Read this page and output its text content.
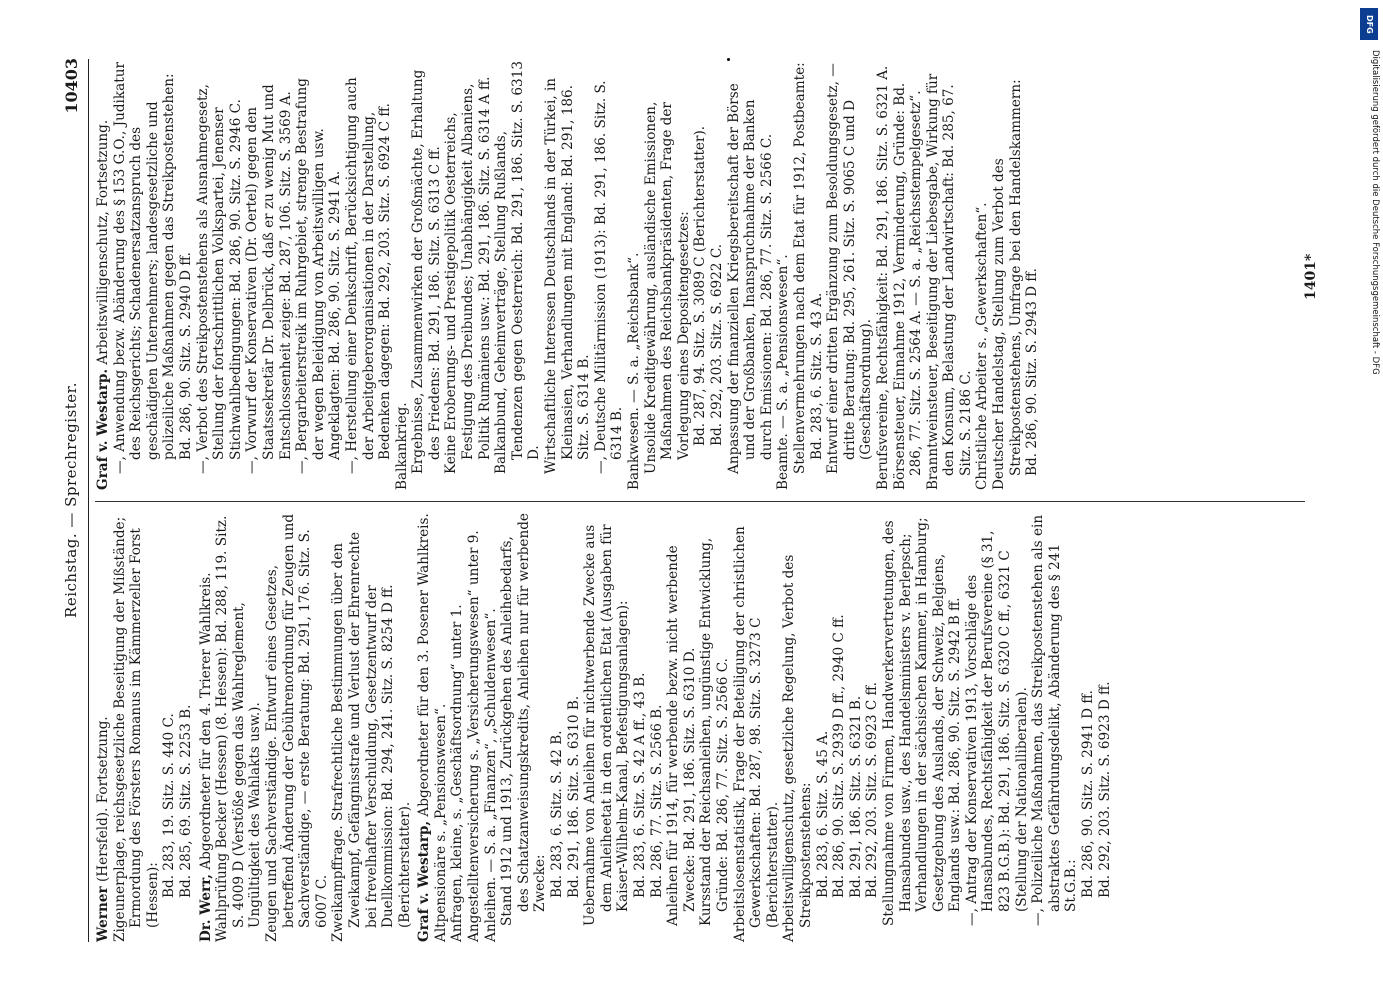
Reichstag. — Sprechregister.
10403

Werner (Hersfeld). Fortsetzung. Zigeunerplage, reichsgesetzliche Beseitigung der Mißstände; Ermordung des Försters Romanus im Kämmerzeller Forst (Hessen): Bd. 283, 19. Sitz. S. 440 C. Bd. 285, 69. Sitz. S. 2253 B.

Dr. Werr, Abgeordneter für den 4. Trierer Wahlkreis. Wahlprüfung Becker (Hessen) (8. Hessen): Bd. 288, 119. Sitz. S. 4009 D (Verstöße gegen das Wahlreglement, Ungültigkeit des Wahlakts usw.). Zeugen und Sachverständige. Entwurf eines Gesetzes, betreffend Änderung der Gebührenordnung für Zeugen und Sachverständige, — erste Beratung: Bd. 291, 176. Sitz. S. 6007 C. Zweikampffrage. Strafrechtliche Bestimmungen über den Zweikampf, Gefängnisstrafe und Verlust der Ehrenrechte bei frevelhafter Verschuldung, Gesetzentwurf der Duellkommission: Bd. 294, 241. Sitz. S. 8254 D ff. (Berichterstatter). Graf v. Westarp, Abgeordneter für den 3. Posener Wahlkreis.

Altpensionäre s. „Pensionswesen“. Anfragen, kleine, s. „Geschäftsordnung“ unter 1. Angestelltenversicherung s. „Versicherungswesen“ unter 9. Anleihen. — S. a. „Finanzen“, „Schuldenwesen“. Stand 1912 und 1913, Zurückgehen des Anleihebedarfs, des Schatzanweisungskredits, Anleihen nur für werbende Zwecke: Bd. 283, 6. Sitz. S. 42 B. Bd. 291, 186. Sitz. S. 6310 B. Uebernahme von Anleihen für nichtwerbende Zwecke aus dem Anleiheetat in den ordentlichen Etat (Ausgaben für Kaiser-Wilhelm-Kanal, Befestigungsanlagen): Bd. 283, 6. Sitz. S. 42 A ff., 43 B. Bd. 286, 77. Sitz. S. 2566 B. Anleihen für 1914, für werbende bezw. nicht werbende Zwecke: Bd. 291, 186. Sitz. S. 6310 D. Kursstand der Reichsanleihen, ungünstige Entwicklung, Gründe: Bd. 286, 77. Sitz. S. 2566 C. Arbeitslosenstatistik, Frage der Beteiligung der christlichen Gewerkschaften: Bd. 287, 98. Sitz. S. 3273 C (Berichterstatter). Arbeitswilligenschutz, gesetzliche Regelung, Verbot des Streikpostenstehens: Bd. 283, 6. Sitz. S. 45 A. Bd. 286, 90. Sitz. S. 2939 D ff., 2940 C ff. Bd. 291, 186. Sitz. S. 6321 B. Bd. 292, 203. Sitz. S. 6923 C ff. Stellungnahme von Firmen, Handwerkervertretungen, des Hansabundes usw., des Handelsministers v. Berlepsch; Verhandlungen in der sächsischen Kammer, in Hamburg; Gesetzgebung des Auslands, der Schweiz, Belgiens, Englands usw.: Bd. 286, 90. Sitz. S. 2942 B ff. —, Antrag der Konservativen 1913, Vorschläge des Hansabundes, Rechtsfähigkeit der Berufsvereine (§ 31, 823 B.G.B.): Bd. 291, 186. Sitz. S. 6320 C ff., 6321 C (Stellung der Nationalliberalen). —, Polizeiliche Maßnahmen, das Streikpostenstehen als ein abstraktes Gefährdungsdelikt, Abänderung des § 241 St.G.B.: Bd. 286, 90. Sitz. S. 2941 D ff. Bd. 292, 203. Sitz. S. 6923 D ff.

Graf v. Westarp. Arbeitswilligenschutz, Fortsetzung. —, Anwendung bezw. Abänderung des § 153 G.O., Judikatur des Reichsgerichts; Schadenersatzanspruch des geschädigten Unternehmers; landesgesetzliche und polizeiliche Maßnahmen gegen das Streikpostenstehen: Bd. 286, 90. Sitz. S. 2940 D ff. —, Verbot des Streikpostenstehens als Ausnahmegesetz, Stellung der fortschrittlichen Volkspartei, Jenenser Stichwahlbedingungen: Bd. 286, 90. Sitz. S. 2946 C. —, Vorwurf der Konservativen (Dr. Oertel) gegen den Staatssekretär Dr. Delbrück, daß er zu wenig Mut und Entschlossenheit zeige: Bd. 287, 106. Sitz. S. 3569 A. —, Bergarbeiterstreik im Ruhrgebiet, strenge Bestrafung der wegen Beleidigung von Arbeitswilligen usw. Angeklagten: Bd. 286, 90. Sitz. S. 2941 A. —, Herstellung einer Denkschrift, Berücksichtigung auch der Arbeitgeberorganisationen in der Darstellung, Bedenken dagegen: Bd. 292, 203. Sitz. S. 6924 C ff. Balkankrieg. Ergebnisse, Zusammenwirken der Großmächte, Erhaltung des Friedens: Bd. 291, 186. Sitz. S. 6313 C ff. Keine Eroberungs- und Prestigepolitik Oesterreichs, Festigung des Dreibundes; Unabhängigkeit Albaniens, Politik Rumäniens usw.: Bd. 291, 186. Sitz. S. 6314 A ff. Balkanbund, Geheimverträge, Stellung Rußlands, Tendenzen gegen Oesterreich: Bd. 291, 186. Sitz. S. 6313 D. Wirtschaftliche Interessen Deutschlands in der Türkei, in Kleinasien, Verhandlungen mit England: Bd. 291, 186. Sitz. S. 6314 B. —, Deutsche Militärmission (1913): Bd. 291, 186. Sitz. S. 6314 B. Bankwesen. — S. a. „Reichsbank“. Unsolide Kreditgewährung, ausländische Emissionen, Maßnahmen des Reichsbankpräsidenten, Frage der Vorlegung eines Depositengesetzes: Bd. 287, 94. Sitz. S. 3089 C (Berichterstatter). Bd. 292, 203. Sitz. S. 6922 C. Anpassung der finanziellen Kriegsbereitschaft der Börse und der Großbanken, Inanspruchnahme der Banken durch Emissionen: Bd. 286, 77. Sitz. S. 2566 C. Beamte. — S. a. „Pensionswesen“. Stellenvermehrungen nach dem Etat für 1912, Postbeamte: Bd. 283, 6. Sitz. S. 43 A. Entwurf einer dritten Ergänzung zum Besoldungsgesetz, — dritte Beratung: Bd. 295, 261. Sitz. S. 9065 C und D (Geschäftsordnung). Berufsvereine, Rechtsfähigkeit: Bd. 291, 186. Sitz. S. 6321 A. Börsensteuer, Einnahme 1912, Verminderung, Gründe: Bd. 286, 77. Sitz. S. 2564 A. — S. a. „Reichsstempelgesetz“. Branntweinsteuer, Beseitigung der Liebesgabe, Wirkung für den Konsum, Belastung der Landwirtschaft: Bd. 285, 67. Sitz. S. 2186 C. Christliche Arbeiter s. „Gewerkschaften“. Deutscher Handelstag, Stellung zum Verbot des Streikpostenstehens, Umfrage bei den Handelskammern: Bd. 286, 90. Sitz. S. 2943 D ff.	1401*
DFG
Digitalisierung gefördert durch die Deutsche Forschungsgemeinschaft - DFG
